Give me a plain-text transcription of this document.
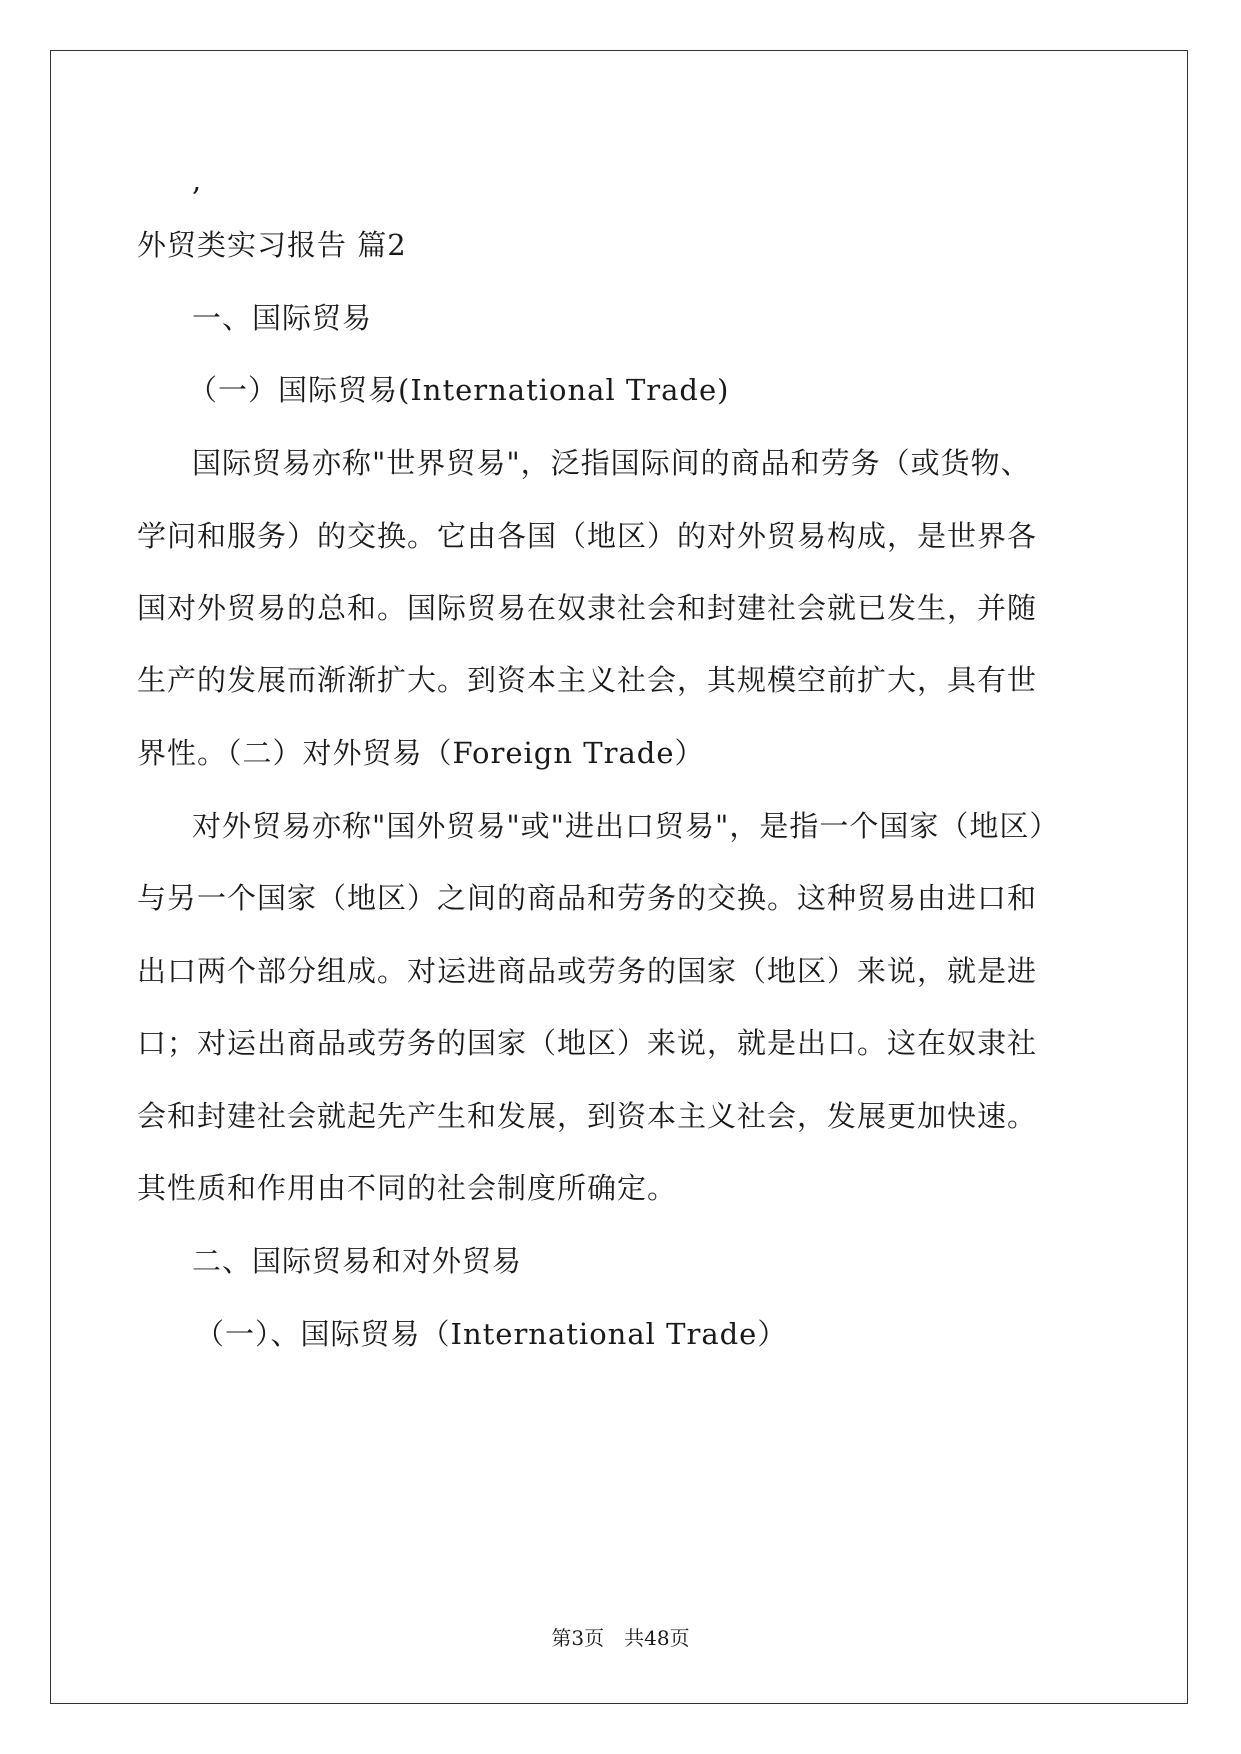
,
外贸类实习报告 篇2
一、国际贸易
（一）国际贸易(International Trade)
国际贸易亦称"世界贸易"，泛指国际间的商品和劳务（或货物、
学问和服务）的交换。它由各国（地区）的对外贸易构成，是世界各
国对外贸易的总和。国际贸易在奴隶社会和封建社会就已发生，并随
生产的发展而渐渐扩大。到资本主义社会，其规模空前扩大，具有世
界性。（二）对外贸易（Foreign Trade）
对外贸易亦称"国外贸易"或"进出口贸易"，是指一个国家（地区）
与另一个国家（地区）之间的商品和劳务的交换。这种贸易由进口和
出口两个部分组成。对运进商品或劳务的国家（地区）来说，就是进
口；对运出商品或劳务的国家（地区）来说，就是出口。这在奴隶社
会和封建社会就起先产生和发展，到资本主义社会，发展更加快速。
其性质和作用由不同的社会制度所确定。
二、国际贸易和对外贸易
（一）、国际贸易（International Trade）
第3页　共48页
